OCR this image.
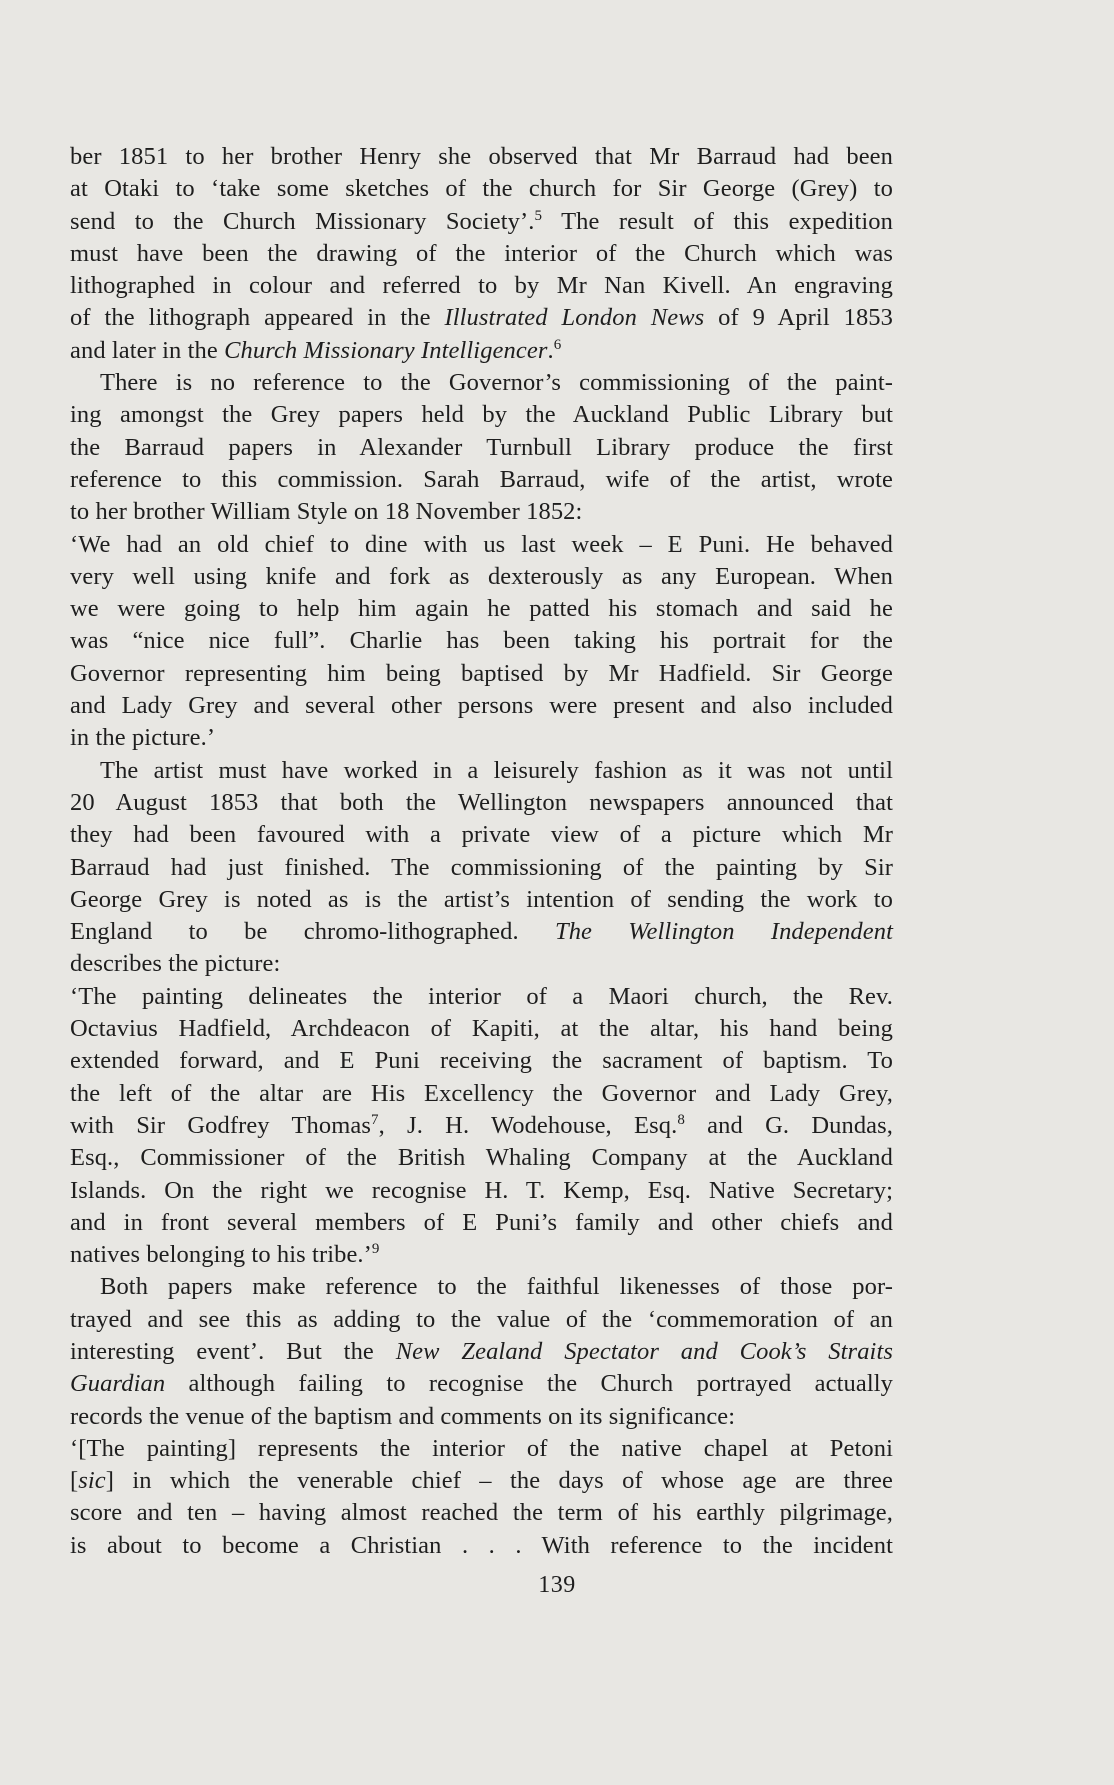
ber 1851 to her brother Henry she observed that Mr Barraud had been
at Otaki to ‘take some sketches of the church for Sir George (Grey) to
send to the Church Missionary Society’.$^5$ The result of this expedition
must have been the drawing of the interior of the Church which was
lithographed in colour and referred to by Mr Nan Kivell. An engraving
of the lithograph appeared in the Illustrated London News of 9 April 1853
and later in the Church Missionary Intelligencer.$^6$
There is no reference to the Governor’s commissioning of the paint-
ing amongst the Grey papers held by the Auckland Public Library but
the Barraud papers in Alexander Turnbull Library produce the first
reference to this commission. Sarah Barraud, wife of the artist, wrote
to her brother William Style on 18 November 1852:
‘We had an old chief to dine with us last week – E Puni. He behaved
very well using knife and fork as dexterously as any European. When
we were going to help him again he patted his stomach and said he
was “nice nice full”. Charlie has been taking his portrait for the
Governor representing him being baptised by Mr Hadfield. Sir George
and Lady Grey and several other persons were present and also included
in the picture.’
The artist must have worked in a leisurely fashion as it was not until
20 August 1853 that both the Wellington newspapers announced that
they had been favoured with a private view of a picture which Mr
Barraud had just finished. The commissioning of the painting by Sir
George Grey is noted as is the artist’s intention of sending the work to
England to be chromo-lithographed. The Wellington Independent
describes the picture:
‘The painting delineates the interior of a Maori church, the Rev.
Octavius Hadfield, Archdeacon of Kapiti, at the altar, his hand being
extended forward, and E Puni receiving the sacrament of baptism. To
the left of the altar are His Excellency the Governor and Lady Grey,
with Sir Godfrey Thomas$^7$, J. H. Wodehouse, Esq.$^8$ and G. Dundas,
Esq., Commissioner of the British Whaling Company at the Auckland
Islands. On the right we recognise H. T. Kemp, Esq. Native Secretary;
and in front several members of E Puni’s family and other chiefs and
natives belonging to his tribe.’$^9$
Both papers make reference to the faithful likenesses of those por-
trayed and see this as adding to the value of the ‘commemoration of an
interesting event’. But the New Zealand Spectator and Cook’s Straits
Guardian although failing to recognise the Church portrayed actually
records the venue of the baptism and comments on its significance:
‘[The painting] represents the interior of the native chapel at Petoni
[sic] in which the venerable chief – the days of whose age are three
score and ten – having almost reached the term of his earthly pilgrimage,
is about to become a Christian . . . With reference to the incident
139
